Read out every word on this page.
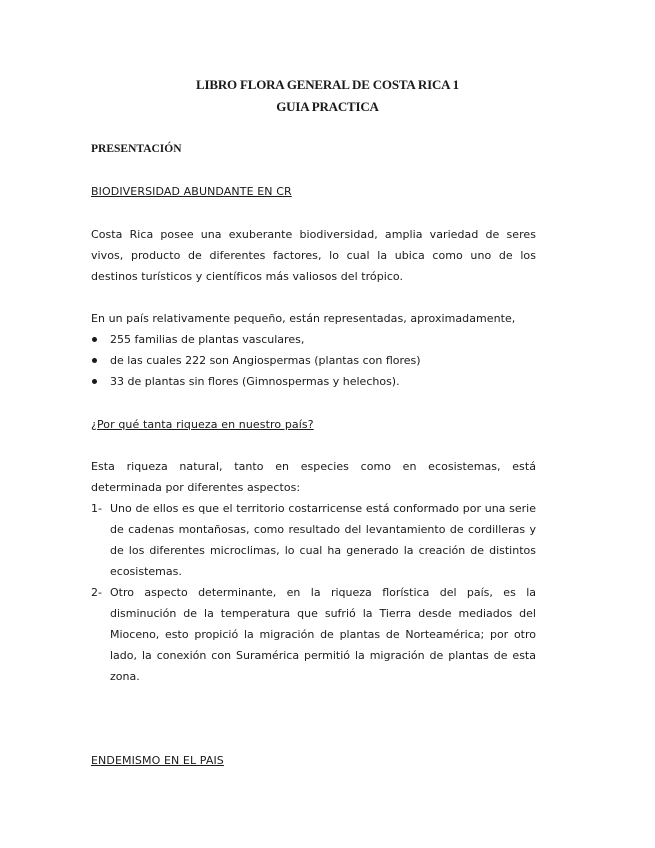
LIBRO FLORA GENERAL DE COSTA RICA 1
GUIA PRACTICA
PRESENTACIÓN
BIODIVERSIDAD ABUNDANTE EN CR

Costa Rica posee una exuberante biodiversidad, amplia variedad de seres vivos, producto de diferentes factores, lo cual la ubica como uno de los destinos turísticos y científicos más valiosos del trópico.

En un país relativamente pequeño, están representadas, aproximadamente,

255 familias de plantas vasculares,
de las cuales 222 son Angiospermas (plantas con flores)
33 de plantas sin flores (Gimnospermas y helechos).
¿Por qué tanta riqueza en nuestro país?

Esta riqueza natural, tanto en especies como en ecosistemas, está determinada por diferentes aspectos:

1- Uno de ellos es que el territorio costarricense está conformado por una serie de cadenas montañosas, como resultado del levantamiento de cordilleras y de los diferentes microclimas, lo cual ha generado la creación de distintos ecosistemas.
2- Otro aspecto determinante, en la riqueza florística del país, es la disminución de la temperatura que sufrió la Tierra desde mediados del Mioceno, esto propició la migración de plantas de Norteamérica; por otro lado, la conexión con Suramérica permitió la migración de plantas de esta zona.
ENDEMISMO EN EL PAIS
